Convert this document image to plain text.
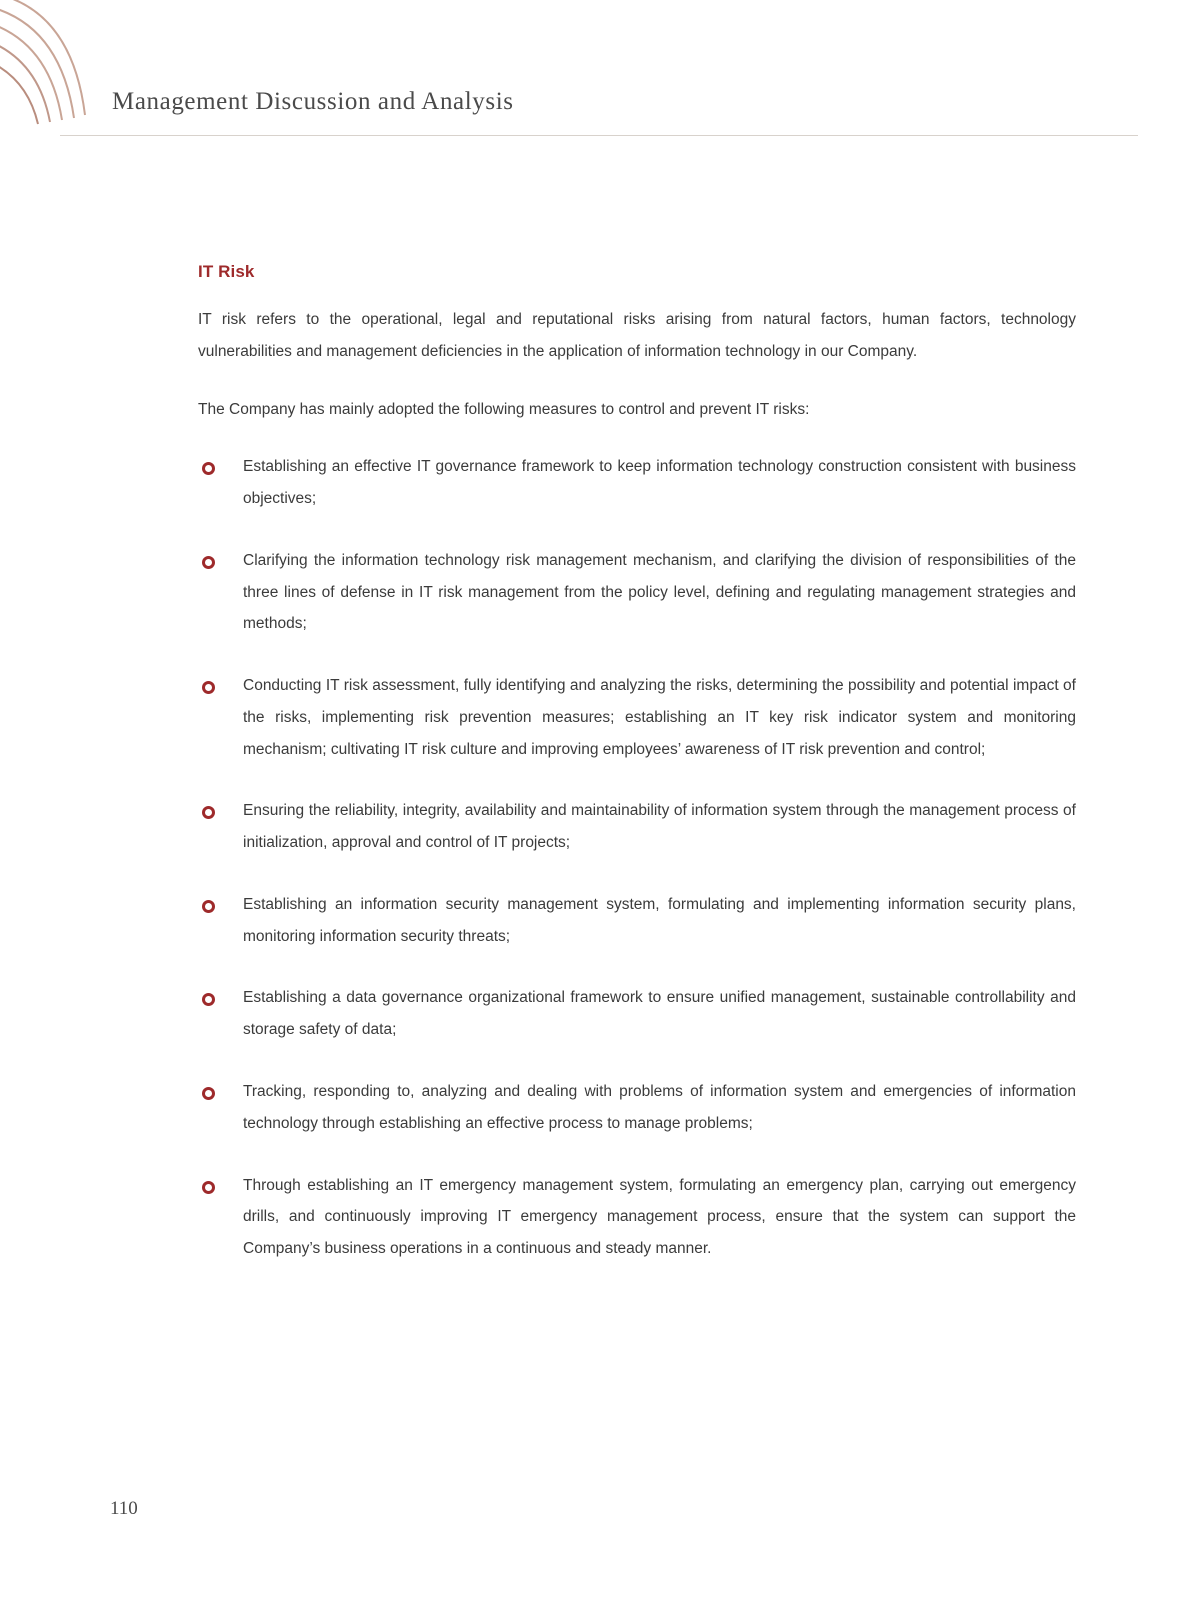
Management Discussion and Analysis
IT Risk

IT risk refers to the operational, legal and reputational risks arising from natural factors, human factors, technology vulnerabilities and management deficiencies in the application of information technology in our Company.

The Company has mainly adopted the following measures to control and prevent IT risks:

Establishing an effective IT governance framework to keep information technology construction consistent with business objectives;
Clarifying the information technology risk management mechanism, and clarifying the division of responsibilities of the three lines of defense in IT risk management from the policy level, defining and regulating management strategies and methods;
Conducting IT risk assessment, fully identifying and analyzing the risks, determining the possibility and potential impact of the risks, implementing risk prevention measures; establishing an IT key risk indicator system and monitoring mechanism; cultivating IT risk culture and improving employees’ awareness of IT risk prevention and control;
Ensuring the reliability, integrity, availability and maintainability of information system through the management process of initialization, approval and control of IT projects;
Establishing an information security management system, formulating and implementing information security plans, monitoring information security threats;
Establishing a data governance organizational framework to ensure unified management, sustainable controllability and storage safety of data;
Tracking, responding to, analyzing and dealing with problems of information system and emergencies of information technology through establishing an effective process to manage problems;
Through establishing an IT emergency management system, formulating an emergency plan, carrying out emergency drills, and continuously improving IT emergency management process, ensure that the system can support the Company’s business operations in a continuous and steady manner.
110
